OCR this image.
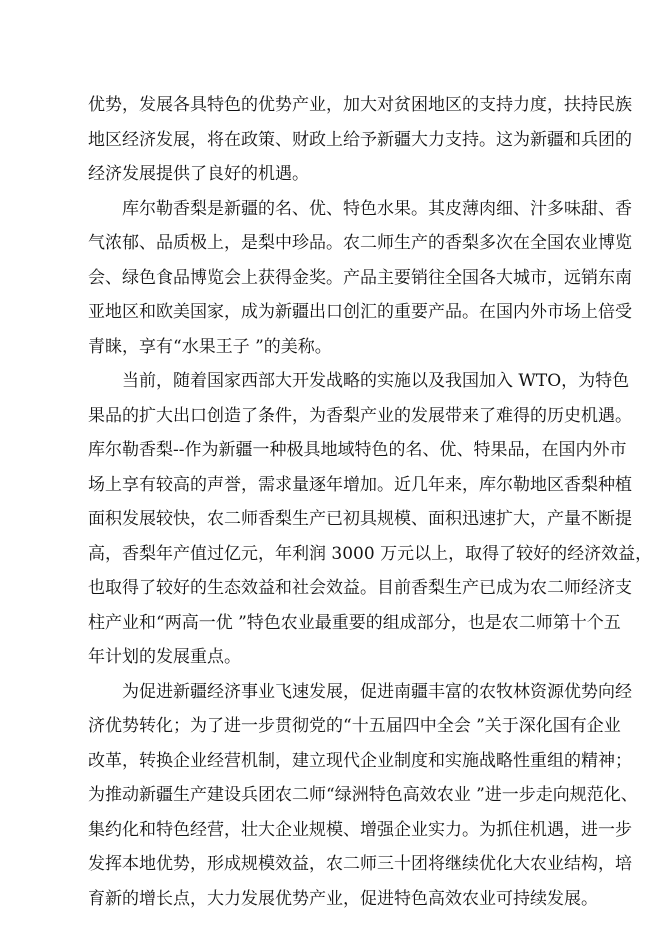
优势，发展各具特色的优势产业，加大对贫困地区的支持力度，扶持民族
地区经济发展，将在政策、财政上给予新疆大力支持。这为新疆和兵团的
经济发展提供了良好的机遇。
　　库尔勒香梨是新疆的名、优、特色水果。其皮薄肉细、汁多味甜、香
气浓郁、品质极上，是梨中珍品。农二师生产的香梨多次在全国农业博览
会、绿色食品博览会上获得金奖。产品主要销往全国各大城市，远销东南
亚地区和欧美国家，成为新疆出口创汇的重要产品。在国内外市场上倍受
青睐，享有“水果王子 ”的美称。
　　当前，随着国家西部大开发战略的实施以及我国加入 WTO，为特色
果品的扩大出口创造了条件，为香梨产业的发展带来了难得的历史机遇。
库尔勒香梨--作为新疆一种极具地域特色的名、优、特果品，在国内外市
场上享有较高的声誉，需求量逐年增加。近几年来，库尔勒地区香梨种植
面积发展较快，农二师香梨生产已初具规模、面积迅速扩大，产量不断提
高，香梨年产值过亿元，年利润 3000 万元以上，取得了较好的经济效益，
也取得了较好的生态效益和社会效益。目前香梨生产已成为农二师经济支
柱产业和“两高一优 ”特色农业最重要的组成部分，也是农二师第十个五
年计划的发展重点。
　　为促进新疆经济事业飞速发展，促进南疆丰富的农牧林资源优势向经
济优势转化；为了进一步贯彻党的“十五届四中全会 ”关于深化国有企业
改革，转换企业经营机制，建立现代企业制度和实施战略性重组的精神；
为推动新疆生产建设兵团农二师“绿洲特色高效农业 ”进一步走向规范化、
集约化和特色经营，壮大企业规模、增强企业实力。为抓住机遇，进一步
发挥本地优势，形成规模效益，农二师三十团将继续优化大农业结构，培
育新的增长点，大力发展优势产业，促进特色高效农业可持续发展。
